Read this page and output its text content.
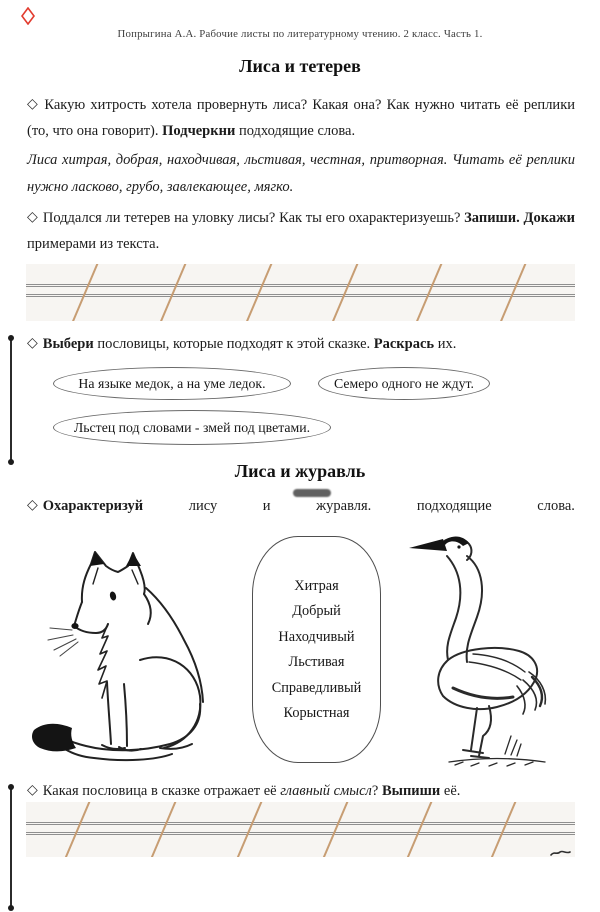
Попрыгина А.А. Рабочие листы по литературному чтению. 2 класс. Часть 1.
Лиса и тетерев
◇ Какую хитрость хотела провернуть лиса? Какая она? Как нужно читать её реплики (то, что она говорит). Подчеркни подходящие слова.
Лиса хитрая, добрая, находчивая, льстивая, честная, притворная. Читать её реплики нужно ласково, грубо, завлекающее, мягко.
◇ Поддался ли тетерев на уловку лисы? Как ты его охарактеризуешь? Запиши. Докажи примерами из текста.
◇ Выбери пословицы, которые подходят к этой сказке. Раскрась их.
На языке медок, а на уме ледок.	Семеро одного не ждут.
Льстец под словами - змей под цветами.
Лиса и журавль
◇ Охарактеризуй	лису	и	журавля.	подходящие	слова.
Хитрая
Добрый
Находчивый
Льстивая
Справедливый
Корыстная
◇ Какая пословица в сказке отражает её главный смысл? Выпиши её.
